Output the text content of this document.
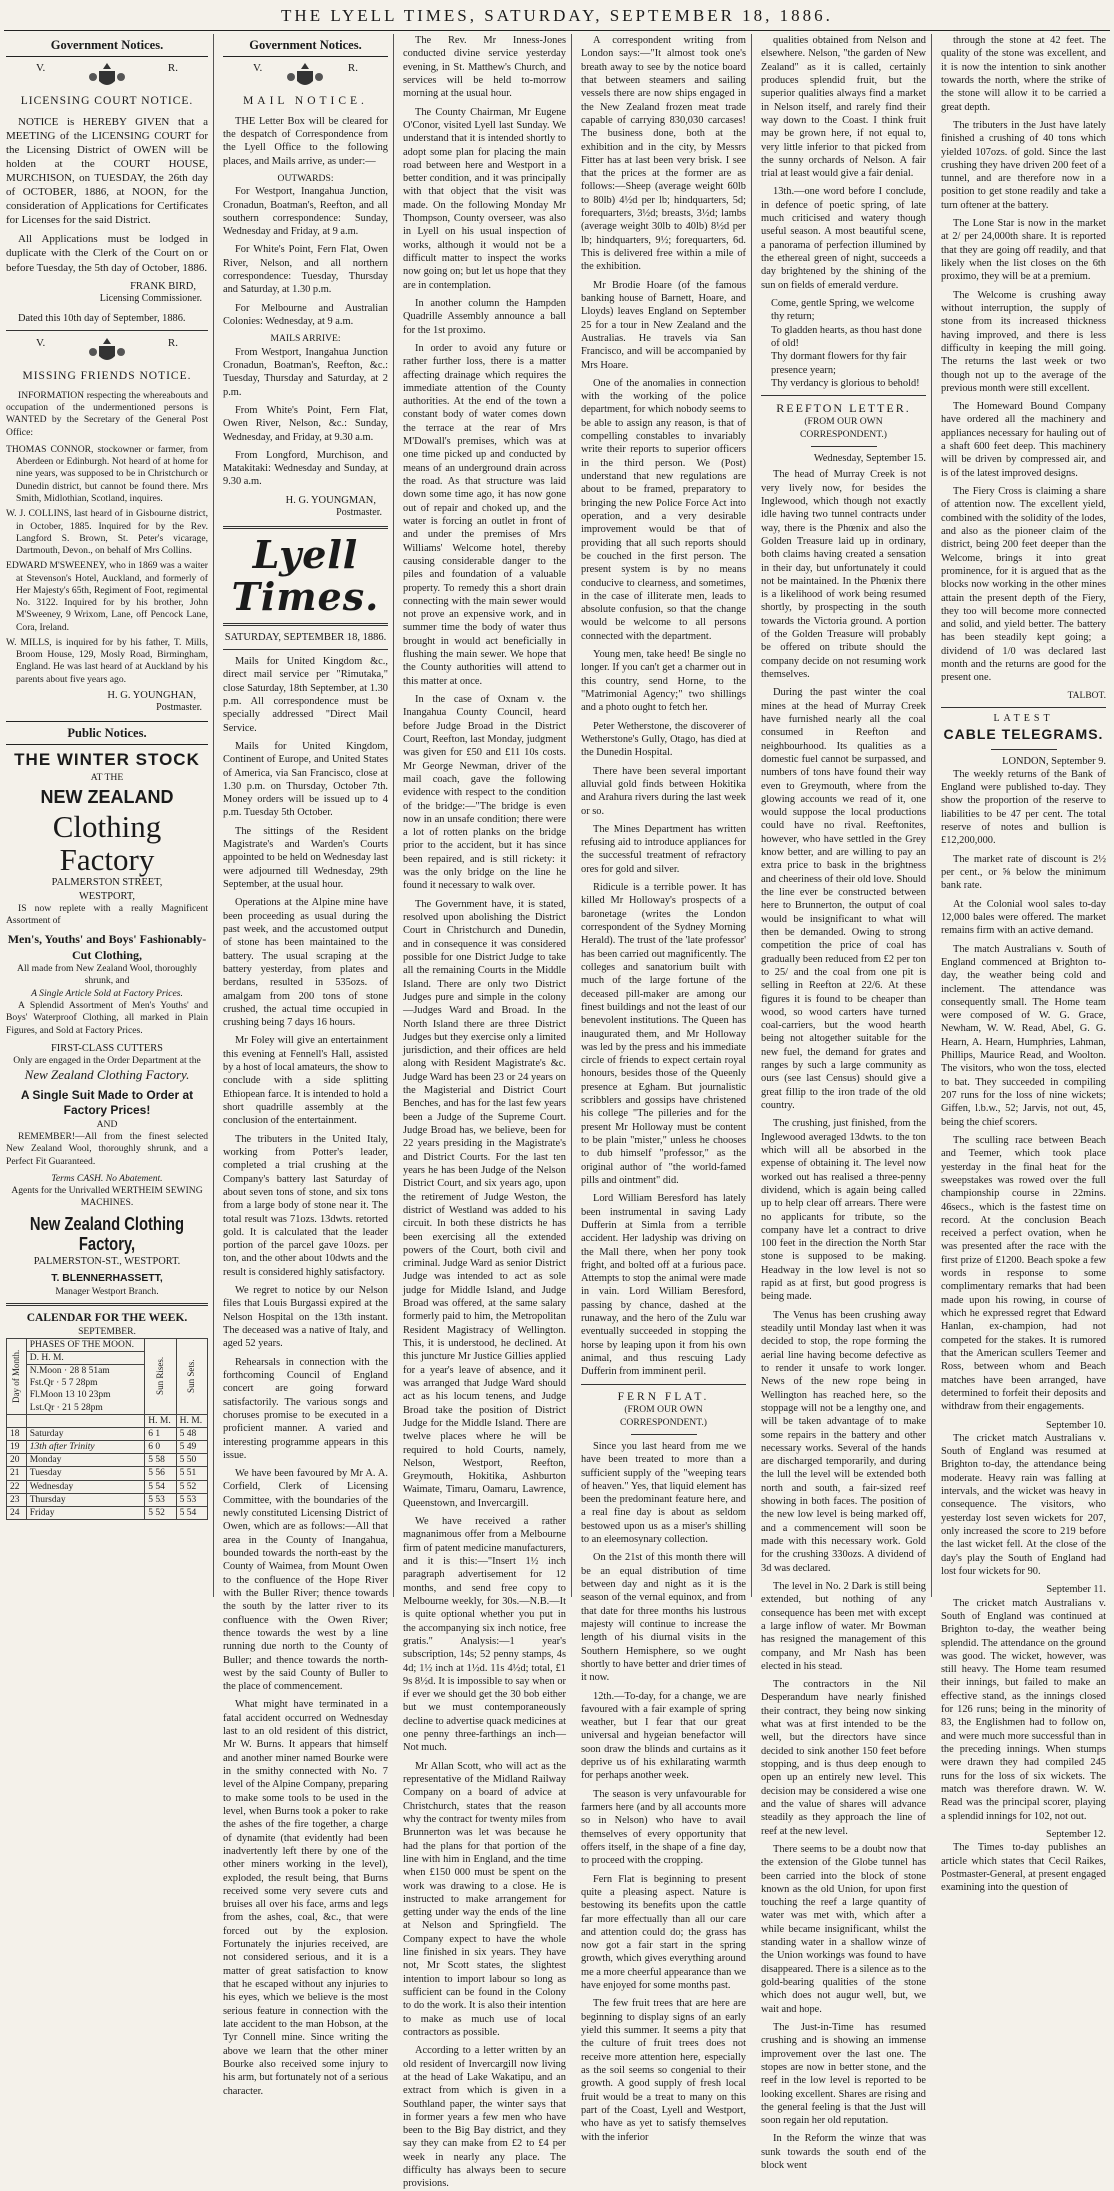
THE LYELL TIMES, SATURDAY, SEPTEMBER 18, 1886.
Government Notices.
V.	R.
LICENSING COURT NOTICE.

NOTICE is HEREBY GIVEN that a MEETING of the LICENSING COURT for the Licensing District of OWEN will be holden at the COURT HOUSE, MURCHISON, on TUESDAY, the 26th day of OCTOBER, 1886, at NOON, for the consideration of Applications for Certificates for Licenses for the said District.

All Applications must be lodged in duplicate with the Clerk of the Court on or before Tuesday, the 5th day of October, 1886.

FRANK BIRD,

Licensing Commissioner.

Dated this 10th day of September, 1886.

V.	R.
MISSING FRIENDS NOTICE.

INFORMATION respecting the whereabouts and occupation of the undermentioned persons is WANTED by the Secretary of the General Post Office:

THOMAS CONNOR, stockowner or farmer, from Aberdeen or Edinburgh. Not heard of at home for nine years, was supposed to be in Christchurch or Dunedin district, but cannot be found there. Mrs Smith, Midlothian, Scotland, inquires.

W. J. COLLINS, last heard of in Gisbourne district, in October, 1885. Inquired for by the Rev. Langford S. Brown, St. Peter's vicarage, Dartmouth, Devon., on behalf of Mrs Collins.

EDWARD M'SWEENEY, who in 1869 was a waiter at Stevenson's Hotel, Auckland, and formerly of Her Majesty's 65th, Regiment of Foot, regimental No. 3122. Inquired for by his brother, John M'Sweeney, 9 Wrixom, Lane, off Pencock Lane, Cora, Ireland.

W. MILLS, is inquired for by his father, T. Mills, Broom House, 129, Mosly Road, Birmingham, England. He was last heard of at Auckland by his parents about five years ago.

H. G. YOUNGHAN,

Postmaster.

Public Notices.
THE WINTER STOCK
AT THE
NEW ZEALAND
Clothing Factory
PALMERSTON STREET,
WESTPORT,

IS now replete with a really Magnificent Assortment of

Men's, Youths' and Boys' Fashionably-Cut Clothing,
All made from New Zealand Wool, thoroughly shrunk, and
A Single Article Sold at Factory Prices.

A Splendid Assortment of Men's Youths' and Boys' Waterproof Clothing, all marked in Plain Figures, and Sold at Factory Prices.

FIRST-CLASS CUTTERS
Only are engaged in the Order Department at the
New Zealand Clothing Factory.
A Single Suit Made to Order at Factory Prices!
AND

REMEMBER!—All from the finest selected New Zealand Wool, thoroughly shrunk, and a Perfect Fit Guaranteed.

Terms CASH. No Abatement.
Agents for the Unrivalled WERTHEIM SEWING MACHINES.
New Zealand Clothing Factory,
PALMERSTON-ST., WESTPORT.
T. BLENNERHASSETT,
Manager Westport Branch.
CALENDAR FOR THE WEEK.
SEPTEMBER.
Day of Month.	PHASES OF THE MOON.	Sun Rises.	Sun Sets.
	D. H. M.		

	N.Moon · 28 8 51am
Fst.Qr · 5 7 28pm
Fl.Moon 13 10 23pm
Lst.Qr · 21 5 28pm		

		H. M.	H. M.
18	Saturday	6 1	5 48
19	13th after Trinity	6 0	5 49
20	Monday	5 58	5 50
21	Tuesday	5 56	5 51
22	Wednesday	5 54	5 52
23	Thursday	5 53	5 53
24	Friday	5 52	5 54
Government Notices.
V.	R.
MAIL NOTICE.

THE Letter Box will be cleared for the despatch of Correspondence from the Lyell Office to the following places, and Mails arrive, as under:—

OUTWARDS:

For Westport, Inangahua Junction, Cronadun, Boatman's, Reefton, and all southern correspondence: Sunday, Wednesday and Friday, at 9 a.m.

For White's Point, Fern Flat, Owen River, Nelson, and all northern correspondence: Tuesday, Thursday and Saturday, at 1.30 p.m.

For Melbourne and Australian Colonies: Wednesday, at 9 a.m.

MAILS ARRIVE:

From Westport, Inangahua Junction Cronadun, Boatman's, Reefton, &c.: Tuesday, Thursday and Saturday, at 2 p.m.

From White's Point, Fern Flat, Owen River, Nelson, &c.: Sunday, Wednesday, and Friday, at 9.30 a.m.

From Longford, Murchison, and Matakitaki: Wednesday and Sunday, at 9.30 a.m.

H. G. YOUNGMAN,

Postmaster.

Lyell Times.
SATURDAY, SEPTEMBER 18, 1886.

Mails for United Kingdom &c., direct mail service per "Rimutaka," close Saturday, 18th September, at 1.30 p.m. All correspondence must be specially addressed "Direct Mail Service.

Mails for United Kingdom, Continent of Europe, and United States of America, via San Francisco, close at 1.30 p.m. on Thursday, October 7th. Money orders will be issued up to 4 p.m. Tuesday 5th October.

The sittings of the Resident Magistrate's and Warden's Courts appointed to be held on Wednesday last were adjourned till Wednesday, 29th September, at the usual hour.

Operations at the Alpine mine have been proceeding as usual during the past week, and the accustomed output of stone has been maintained to the battery. The usual scraping at the battery yesterday, from plates and berdans, resulted in 535ozs. of amalgam from 200 tons of stone crushed, the actual time occupied in crushing being 7 days 16 hours.

Mr Foley will give an entertainment this evening at Fennell's Hall, assisted by a host of local amateurs, the show to conclude with a side splitting Ethiopean farce. It is intended to hold a short quadrille assembly at the conclusion of the entertainment.

The tributers in the United Italy, working from Potter's leader, completed a trial crushing at the Company's battery last Saturday of about seven tons of stone, and six tons from a large body of stone near it. The total result was 71ozs. 13dwts. retorted gold. It is calculated that the leader portion of the parcel gave 10ozs. per ton, and the other about 10dwts and the result is considered highly satisfactory.

We regret to notice by our Nelson files that Louis Burgassi expired at the Nelson Hospital on the 13th instant. The deceased was a native of Italy, and aged 52 years.

Rehearsals in connection with the forthcoming Council of England concert are going forward satisfactorily. The various songs and choruses promise to be executed in a proficient manner. A varied and interesting programme appears in this issue.

We have been favoured by Mr A. A. Corfield, Clerk of Licensing Committee, with the boundaries of the newly constituted Licensing District of Owen, which are as follows:—All that area in the County of Inangahua, bounded towards the north-east by the County of Waimea, from Mount Owen to the confluence of the Hope River with the Buller River; thence towards the south by the latter river to its confluence with the Owen River; thence towards the west by a line running due north to the County of Buller; and thence towards the north-west by the said County of Buller to the place of commencement.

What might have terminated in a fatal accident occurred on Wednesday last to an old resident of this district, Mr W. Burns. It appears that himself and another miner named Bourke were in the smithy connected with No. 7 level of the Alpine Company, preparing to make some tools to be used in the level, when Burns took a poker to rake the ashes of the fire together, a charge of dynamite (that evidently had been inadvertently left there by one of the other miners working in the level), exploded, the result being, that Burns received some very severe cuts and bruises all over his face, arms and legs from the ashes, coal, &c., that were forced out by the explosion. Fortunately the injuries received, are not considered serious, and it is a matter of great satisfaction to know that he escaped without any injuries to his eyes, which we believe is the most serious feature in connection with the late accident to the man Hobson, at the Tyr Connell mine. Since writing the above we learn that the other miner Bourke also received some injury to his arm, but fortunately not of a serious character.

The Rev. Mr Inness-Jones conducted divine service yesterday evening, in St. Matthew's Church, and services will be held to-morrow morning at the usual hour.

The County Chairman, Mr Eugene O'Conor, visited Lyell last Sunday. We understand that it is intended shortly to adopt some plan for placing the main road between here and Westport in a better condition, and it was principally with that object that the visit was made. On the following Monday Mr Thompson, County overseer, was also in Lyell on his usual inspection of works, although it would not be a difficult matter to inspect the works now going on; but let us hope that they are in contemplation.

In another column the Hampden Quadrille Assembly announce a ball for the 1st proximo.

In order to avoid any future or rather further loss, there is a matter affecting drainage which requires the immediate attention of the County authorities. At the end of the town a constant body of water comes down the terrace at the rear of Mrs M'Dowall's premises, which was at one time picked up and conducted by means of an underground drain across the road. As that structure was laid down some time ago, it has now gone out of repair and choked up, and the water is forcing an outlet in front of and under the premises of Mrs Williams' Welcome hotel, thereby causing considerable danger to the piles and foundation of a valuable property. To remedy this a short drain connecting with the main sewer would not prove an expensive work, and in summer time the body of water thus brought in would act beneficially in flushing the main sewer. We hope that the County authorities will attend to this matter at once.

In the case of Oxnam v. the Inangahua County Council, heard before Judge Broad in the District Court, Reefton, last Monday, judgment was given for £50 and £11 10s costs. Mr George Newman, driver of the mail coach, gave the following evidence with respect to the condition of the bridge:—"The bridge is even now in an unsafe condition; there were a lot of rotten planks on the bridge prior to the accident, but it has since been repaired, and is still rickety: it was the only bridge on the line he found it necessary to walk over.

The Government have, it is stated, resolved upon abolishing the District Court in Christchurch and Dunedin, and in consequence it was considered possible for one District Judge to take all the remaining Courts in the Middle Island. There are only two District Judges pure and simple in the colony—Judges Ward and Broad. In the North Island there are three District Judges but they exercise only a limited jurisdiction, and their offices are held along with Resident Magistrate's &c. Judge Ward has been 23 or 24 years on the Magisterial and District Court Benches, and has for the last few years been a Judge of the Supreme Court. Judge Broad has, we believe, been for 22 years presiding in the Magistrate's and District Courts. For the last ten years he has been Judge of the Nelson District Court, and six years ago, upon the retirement of Judge Weston, the district of Westland was added to his circuit. In both these districts he has been exercising all the extended powers of the Court, both civil and criminal. Judge Ward as senior District Judge was intended to act as sole judge for Middle Island, and Judge Broad was offered, at the same salary formerly paid to him, the Metropolitan Resident Magistracy of Wellington. This, it is understood, he declined. At this juncture Mr Justice Gillies applied for a year's leave of absence, and it was arranged that Judge Ward should act as his locum tenens, and Judge Broad take the position of District Judge for the Middle Island. There are twelve places where he will be required to hold Courts, namely, Nelson, Westport, Reefton, Greymouth, Hokitika, Ashburton Waimate, Timaru, Oamaru, Lawrence, Queenstown, and Invercargill.

We have received a rather magnanimous offer from a Melbourne firm of patent medicine manufacturers, and it is this:—"Insert 1½ inch paragraph advertisement for 12 months, and send free copy to Melbourne weekly, for 30s.—N.B.—It is quite optional whether you put in the accompanying six inch notice, free gratis." Analysis:—1 year's subscription, 14s; 52 penny stamps, 4s 4d; 1½ inch at 1½d. 11s 4½d; total, £1 9s 8½d. It is impossible to say when or if ever we should get the 30 bob either but we must contemporaneously decline to advertise quack medicines at one penny three-farthings an inch—Not much.

Mr Allan Scott, who will act as the representative of the Midland Railway Company on a board of advice at Christchurch, states that the reason why the contract for twenty miles from Brunnerton was let was because he had the plans for that portion of the line with him in England, and the time when £150 000 must be spent on the work was drawing to a close. He is instructed to make arrangement for getting under way the ends of the line at Nelson and Springfield. The Company expect to have the whole line finished in six years. They have not, Mr Scott states, the slightest intention to import labour so long as sufficient can be found in the Colony to do the work. It is also their intention to make as much use of local contractors as possible.

According to a letter written by an old resident of Invercargill now living at the head of Lake Wakatipu, and an extract from which is given in a Southland paper, the winter says that in former years a few men who have been to the Big Bay district, and they say they can make from £2 to £4 per week in nearly any place. The difficulty has always been to secure provisions.

A correspondent writing from London says:—"It almost took one's breath away to see by the notice board that between steamers and sailing vessels there are now ships engaged in the New Zealand frozen meat trade capable of carrying 830,030 carcases! The business done, both at the exhibition and in the city, by Messrs Fitter has at last been very brisk. I see that the prices at the former are as follows:—Sheep (average weight 60lb to 80lb) 4½d per lb; hindquarters, 5d; forequarters, 3½d; breasts, 3½d; lambs (average weight 30lb to 40lb) 8½d per lb; hindquarters, 9½; forequarters, 6d. This is delivered free within a mile of the exhibition.

Mr Brodie Hoare (of the famous banking house of Barnett, Hoare, and Lloyds) leaves England on September 25 for a tour in New Zealand and the Australias. He travels via San Francisco, and will be accompanied by Mrs Hoare.

One of the anomalies in connection with the working of the police department, for which nobody seems to be able to assign any reason, is that of compelling constables to invariably write their reports to superior officers in the third person. We (Post) understand that new regulations are about to be framed, preparatory to bringing the new Police Force Act into operation, and a very desirable improvement would be that of providing that all such reports should be couched in the first person. The present system is by no means conducive to clearness, and sometimes, in the case of illiterate men, leads to absolute confusion, so that the change would be welcome to all persons connected with the department.

Young men, take heed! Be single no longer. If you can't get a charmer out in this country, send Horne, to the "Matrimonial Agency;" two shillings and a photo ought to fetch her.

Peter Wetherstone, the discoverer of Wetherstone's Gully, Otago, has died at the Dunedin Hospital.

There have been several important alluvial gold finds between Hokitika and Arahura rivers during the last week or so.

The Mines Department has written refusing aid to introduce appliances for the successful treatment of refractory ores for gold and silver.

Ridicule is a terrible power. It has killed Mr Holloway's prospects of a baronetage (writes the London correspondent of the Sydney Morning Herald). The trust of the 'late professor' has been carried out magnificently. The colleges and sanatorium built with much of the large fortune of the deceased pill-maker are among our finest buildings and not the least of our benevolent institutions. The Queen has inaugurated them, and Mr Holloway was led by the press and his immediate circle of friends to expect certain royal honours, besides those of the Queenly presence at Egham. But journalistic scribblers and gossips have christened his college "The pilleries and for the present Mr Holloway must be content to be plain "mister," unless he chooses to dub himself "professor," as the original author of "the world-famed pills and ointment" did.

Lord William Beresford has lately been instrumental in saving Lady Dufferin at Simla from a terrible accident. Her ladyship was driving on the Mall there, when her pony took fright, and bolted off at a furious pace. Attempts to stop the animal were made in vain. Lord William Beresford, passing by chance, dashed at the runaway, and the hero of the Zulu war eventually succeeded in stopping the horse by leaping upon it from his own animal, and thus rescuing Lady Dufferin from imminent peril.

FERN FLAT.
(FROM OUR OWN CORRESPONDENT.)

Since you last heard from me we have been treated to more than a sufficient supply of the "weeping tears of heaven." Yes, that liquid element has been the predominant feature here, and a real fine day is about as seldom bestowed upon us as a miser's shilling to an eleemosynary collection.

On the 21st of this month there will be an equal distribution of time between day and night as it is the season of the vernal equinox, and from that date for three months his lustrous majesty will continue to increase the length of his diurnal visits in the Southern Hemisphere, so we ought shortly to have better and drier times of it now.

12th.—To-day, for a change, we are favoured with a fair example of spring weather, but I fear that our great universal and hygeian benefactor will soon draw the blinds and curtains as it deprive us of his exhilarating warmth for perhaps another week.

The season is very unfavourable for farmers here (and by all accounts more so in Nelson) who have to avail themselves of every opportunity that offers itself, in the shape of a fine day, to proceed with the cropping.

Fern Flat is beginning to present quite a pleasing aspect. Nature is bestowing its benefits upon the cattle far more effectually than all our care and attention could do; the grass has now got a fair start in the spring growth, which gives everything around me a more cheerful appearance than we have enjoyed for some months past.

The few fruit trees that are here are beginning to display signs of an early yield this summer. It seems a pity that the culture of fruit trees does not receive more attention here, especially as the soil seems so congenial to their growth. A good supply of fresh local fruit would be a treat to many on this part of the Coast, Lyell and Westport, who have as yet to satisfy themselves with the inferior

qualities obtained from Nelson and elsewhere. Nelson, "the garden of New Zealand" as it is called, certainly produces splendid fruit, but the superior qualities always find a market in Nelson itself, and rarely find their way down to the Coast. I think fruit may be grown here, if not equal to, very little inferior to that picked from the sunny orchards of Nelson. A fair trial at least would give a fair denial.

13th.—one word before I conclude, in defence of poetic spring, of late much criticised and watery though useful season. A most beautiful scene, a panorama of perfection illumined by the ethereal green of night, succeeds a day brightened by the shining of the sun on fields of emerald verdure.

Come, gentle Spring, we welcome thy return;
To gladden hearts, as thou hast done of old!
Thy dormant flowers for thy fair presence yearn;
Thy verdancy is glorious to behold!
REEFTON LETTER.
(FROM OUR OWN CORRESPONDENT.)
Wednesday, September 15.

The head of Murray Creek is not very lively now, for besides the Inglewood, which though not exactly idle having two tunnel contracts under way, there is the Phœnix and also the Golden Treasure laid up in ordinary, both claims having created a sensation in their day, but unfortunately it could not be maintained. In the Phœnix there is a likelihood of work being resumed shortly, by prospecting in the south towards the Victoria ground. A portion of the Golden Treasure will probably be offered on tribute should the company decide on not resuming work themselves.

During the past winter the coal mines at the head of Murray Creek have furnished nearly all the coal consumed in Reefton and neighbourhood. Its qualities as a domestic fuel cannot be surpassed, and numbers of tons have found their way even to Greymouth, where from the glowing accounts we read of it, one would suppose the local productions could have no rival. Reeftonites, however, who have settled in the Grey know better, and are willing to pay an extra price to bask in the brightness and cheeriness of their old love. Should the line ever be constructed between here to Brunnerton, the output of coal would be insignificant to what will then be demanded. Owing to strong competition the price of coal has gradually been reduced from £2 per ton to 25/ and the coal from one pit is selling in Reefton at 22/6. At these figures it is found to be cheaper than wood, so wood carters have turned coal-carriers, but the wood hearth being not altogether suitable for the new fuel, the demand for grates and ranges by such a large community as ours (see last Census) should give a great fillip to the iron trade of the old country.

The crushing, just finished, from the Inglewood averaged 13dwts. to the ton which will all be absorbed in the expense of obtaining it. The level now worked out has realised a three-penny dividend, which is again being called up to help clear off arrears. There were no applicants for tribute, so the company have let a contract to drive 100 feet in the direction the North Star stone is supposed to be making. Headway in the low level is not so rapid as at first, but good progress is being made.

The Venus has been crushing away steadily until Monday last when it was decided to stop, the rope forming the aerial line having become defective as to render it unsafe to work longer. News of the new rope being in Wellington has reached here, so the stoppage will not be a lengthy one, and will be taken advantage of to make some repairs in the battery and other necessary works. Several of the hands are discharged temporarily, and during the lull the level will be extended both north and south, a fair-sized reef showing in both faces. The position of the new low level is being marked off, and a commencement will soon be made with this necessary work. Gold for the crushing 330ozs. A dividend of 3d was declared.

The level in No. 2 Dark is still being extended, but nothing of any consequence has been met with except a large inflow of water. Mr Bowman has resigned the management of this company, and Mr Nash has been elected in his stead.

The contractors in the Nil Desperandum have nearly finished their contract, they being now sinking what was at first intended to be the well, but the directors have since decided to sink another 150 feet before stopping, and is thus deep enough to open up an entirely new level. This decision may be considered a wise one and the value of shares will advance steadily as they approach the line of reef at the new level.

There seems to be a doubt now that the extension of the Globe tunnel has been carried into the block of stone known as the old Union, for upon first touching the reef a large quantity of water was met with, which after a while became insignificant, whilst the standing water in a shallow winze of the Union workings was found to have disappeared. There is a silence as to the gold-bearing qualities of the stone which does not augur well, but, we wait and hope.

The Just-in-Time has resumed crushing and is showing an immense improvement over the last one. The stopes are now in better stone, and the reef in the low level is reported to be looking excellent. Shares are rising and the general feeling is that the Just will soon regain her old reputation.

In the Reform the winze that was sunk towards the south end of the block went

through the stone at 42 feet. The quality of the stone was excellent, and it is now the intention to sink another towards the north, where the strike of the stone will allow it to be carried a great depth.

The tributers in the Just have lately finished a crushing of 40 tons which yielded 107ozs. of gold. Since the last crushing they have driven 200 feet of a tunnel, and are therefore now in a position to get stone readily and take a turn oftener at the battery.

The Lone Star is now in the market at 2/ per 24,000th share. It is reported that they are going off readily, and that likely when the list closes on the 6th proximo, they will be at a premium.

The Welcome is crushing away without interruption, the supply of stone from its increased thickness having improved, and there is less difficulty in keeping the mill going. The returns the last week or two though not up to the average of the previous month were still excellent.

The Homeward Bound Company have ordered all the machinery and appliances necessary for hauling out of a shaft 600 feet deep. This machinery will be driven by compressed air, and is of the latest improved designs.

The Fiery Cross is claiming a share of attention now. The excellent yield, combined with the solidity of the lodes, and also as the pioneer claim of the district, being 200 feet deeper than the Welcome, brings it into great prominence, for it is argued that as the blocks now working in the other mines attain the present depth of the Fiery, they too will become more connected and solid, and yield better. The battery has been steadily kept going; a dividend of 1/0 was declared last month and the returns are good for the present one.

TALBOT.
LATEST
CABLE TELEGRAMS.
LONDON, September 9.

The weekly returns of the Bank of England were published to-day. They show the proportion of the reserve to liabilities to be 47 per cent. The total reserve of notes and bullion is £12,200,000.

The market rate of discount is 2½ per cent., or ⅝ below the minimum bank rate.

At the Colonial wool sales to-day 12,000 bales were offered. The market remains firm with an active demand.

The match Australians v. South of England commenced at Brighton to-day, the weather being cold and inclement. The attendance was consequently small. The Home team were composed of W. G. Grace, Newham, W. W. Read, Abel, G. G. Hearn, A. Hearn, Humphries, Lahman, Phillips, Maurice Read, and Woolton. The visitors, who won the toss, elected to bat. They succeeded in compiling 207 runs for the loss of nine wickets; Giffen, l.b.w., 52; Jarvis, not out, 45, being the chief scorers.

The sculling race between Beach and Teemer, which took place yesterday in the final heat for the sweepstakes was rowed over the full championship course in 22mins. 46secs., which is the fastest time on record. At the conclusion Beach received a perfect ovation, when he was presented after the race with the first prize of £1200. Beach spoke a few words in response to some complimentary remarks that had been made upon his rowing, in course of which he expressed regret that Edward Hanlan, ex-champion, had not competed for the stakes. It is rumored that the American scullers Teemer and Ross, between whom and Beach matches have been arranged, have determined to forfeit their deposits and withdraw from their engagements.

September 10.

The cricket match Australians v. South of England was resumed at Brighton to-day, the attendance being moderate. Heavy rain was falling at intervals, and the wicket was heavy in consequence. The visitors, who yesterday lost seven wickets for 207, only increased the score to 219 before the last wicket fell. At the close of the day's play the South of England had lost four wickets for 90.

September 11.

The cricket match Australians v. South of England was continued at Brighton to-day, the weather being splendid. The attendance on the ground was good. The wicket, however, was still heavy. The Home team resumed their innings, but failed to make an effective stand, as the innings closed for 126 runs; being in the minority of 83, the Englishmen had to follow on, and were much more successful than in the preceding innings. When stumps were drawn they had compiled 245 runs for the loss of six wickets. The match was therefore drawn. W. W. Read was the principal scorer, playing a splendid innings for 102, not out.

September 12.

The Times to-day publishes an article which states that Cecil Raikes, Postmaster-General, at present engaged examining into the question of
